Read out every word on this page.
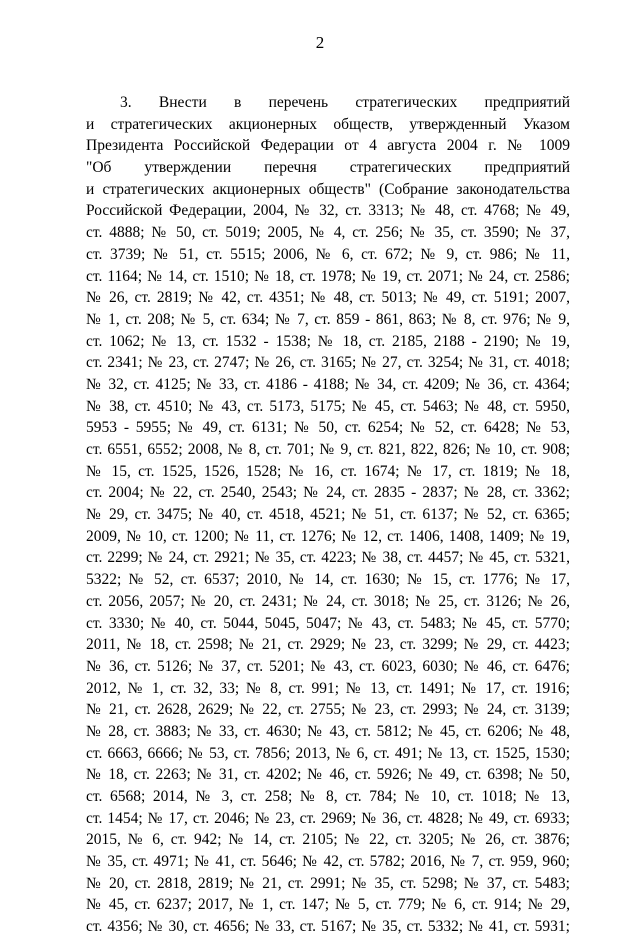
2
3. Внести в перечень стратегических предприятий
и стратегических акционерных обществ, утвержденный Указом
Президента Российской Федерации от 4 августа 2004 г. № 1009
"Об утверждении перечня стратегических предприятий
и стратегических акционерных обществ" (Собрание законодательства
Российской Федерации, 2004, № 32, ст. 3313; № 48, ст. 4768; № 49,
ст. 4888; № 50, ст. 5019; 2005, № 4, ст. 256; № 35, ст. 3590; № 37,
ст. 3739; № 51, ст. 5515; 2006, № 6, ст. 672; № 9, ст. 986; № 11,
ст. 1164; № 14, ст. 1510; № 18, ст. 1978; № 19, ст. 2071; № 24, ст. 2586;
№ 26, ст. 2819; № 42, ст. 4351; № 48, ст. 5013; № 49, ст. 5191; 2007,
№ 1, ст. 208; № 5, ст. 634; № 7, ст. 859 - 861, 863; № 8, ст. 976; № 9,
ст. 1062; № 13, ст. 1532 - 1538; № 18, ст. 2185, 2188 - 2190; № 19,
ст. 2341; № 23, ст. 2747; № 26, ст. 3165; № 27, ст. 3254; № 31, ст. 4018;
№ 32, ст. 4125; № 33, ст. 4186 - 4188; № 34, ст. 4209; № 36, ст. 4364;
№ 38, ст. 4510; № 43, ст. 5173, 5175; № 45, ст. 5463; № 48, ст. 5950,
5953 - 5955; № 49, ст. 6131; № 50, ст. 6254; № 52, ст. 6428; № 53,
ст. 6551, 6552; 2008, № 8, ст. 701; № 9, ст. 821, 822, 826; № 10, ст. 908;
№ 15, ст. 1525, 1526, 1528; № 16, ст. 1674; № 17, ст. 1819; № 18,
ст. 2004; № 22, ст. 2540, 2543; № 24, ст. 2835 - 2837; № 28, ст. 3362;
№ 29, ст. 3475; № 40, ст. 4518, 4521; № 51, ст. 6137; № 52, ст. 6365;
2009, № 10, ст. 1200; № 11, ст. 1276; № 12, ст. 1406, 1408, 1409; № 19,
ст. 2299; № 24, ст. 2921; № 35, ст. 4223; № 38, ст. 4457; № 45, ст. 5321,
5322; № 52, ст. 6537; 2010, № 14, ст. 1630; № 15, ст. 1776; № 17,
ст. 2056, 2057; № 20, ст. 2431; № 24, ст. 3018; № 25, ст. 3126; № 26,
ст. 3330; № 40, ст. 5044, 5045, 5047; № 43, ст. 5483; № 45, ст. 5770;
2011, № 18, ст. 2598; № 21, ст. 2929; № 23, ст. 3299; № 29, ст. 4423;
№ 36, ст. 5126; № 37, ст. 5201; № 43, ст. 6023, 6030; № 46, ст. 6476;
2012, № 1, ст. 32, 33; № 8, ст. 991; № 13, ст. 1491; № 17, ст. 1916;
№ 21, ст. 2628, 2629; № 22, ст. 2755; № 23, ст. 2993; № 24, ст. 3139;
№ 28, ст. 3883; № 33, ст. 4630; № 43, ст. 5812; № 45, ст. 6206; № 48,
ст. 6663, 6666; № 53, ст. 7856; 2013, № 6, ст. 491; № 13, ст. 1525, 1530;
№ 18, ст. 2263; № 31, ст. 4202; № 46, ст. 5926; № 49, ст. 6398; № 50,
ст. 6568; 2014, № 3, ст. 258; № 8, ст. 784; № 10, ст. 1018; № 13,
ст. 1454; № 17, ст. 2046; № 23, ст. 2969; № 36, ст. 4828; № 49, ст. 6933;
2015, № 6, ст. 942; № 14, ст. 2105; № 22, ст. 3205; № 26, ст. 3876;
№ 35, ст. 4971; № 41, ст. 5646; № 42, ст. 5782; 2016, № 7, ст. 959, 960;
№ 20, ст. 2818, 2819; № 21, ст. 2991; № 35, ст. 5298; № 37, ст. 5483;
№ 45, ст. 6237; 2017, № 1, ст. 147; № 5, ст. 779; № 6, ст. 914; № 29,
ст. 4356; № 30, ст. 4656; № 33, ст. 5167; № 35, ст. 5332; № 41, ст. 5931;
